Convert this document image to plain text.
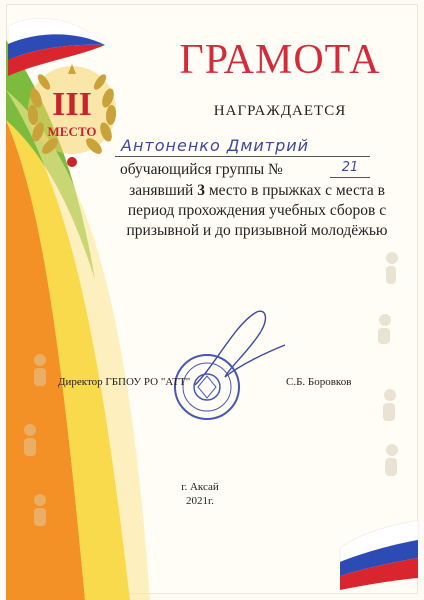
III
МЕСТО
ГРАМОТА
НАГРАЖДАЕТСЯ
Антоненко Дмитрий
обучающийся группы №	21
занявший 3 место в прыжках с места в период прохождения учебных сборов с призывной и до призывной молодёжью
Директор ГБПОУ РО "АТТ"	С.Б. Боровков
г. Аксай
2021г.
